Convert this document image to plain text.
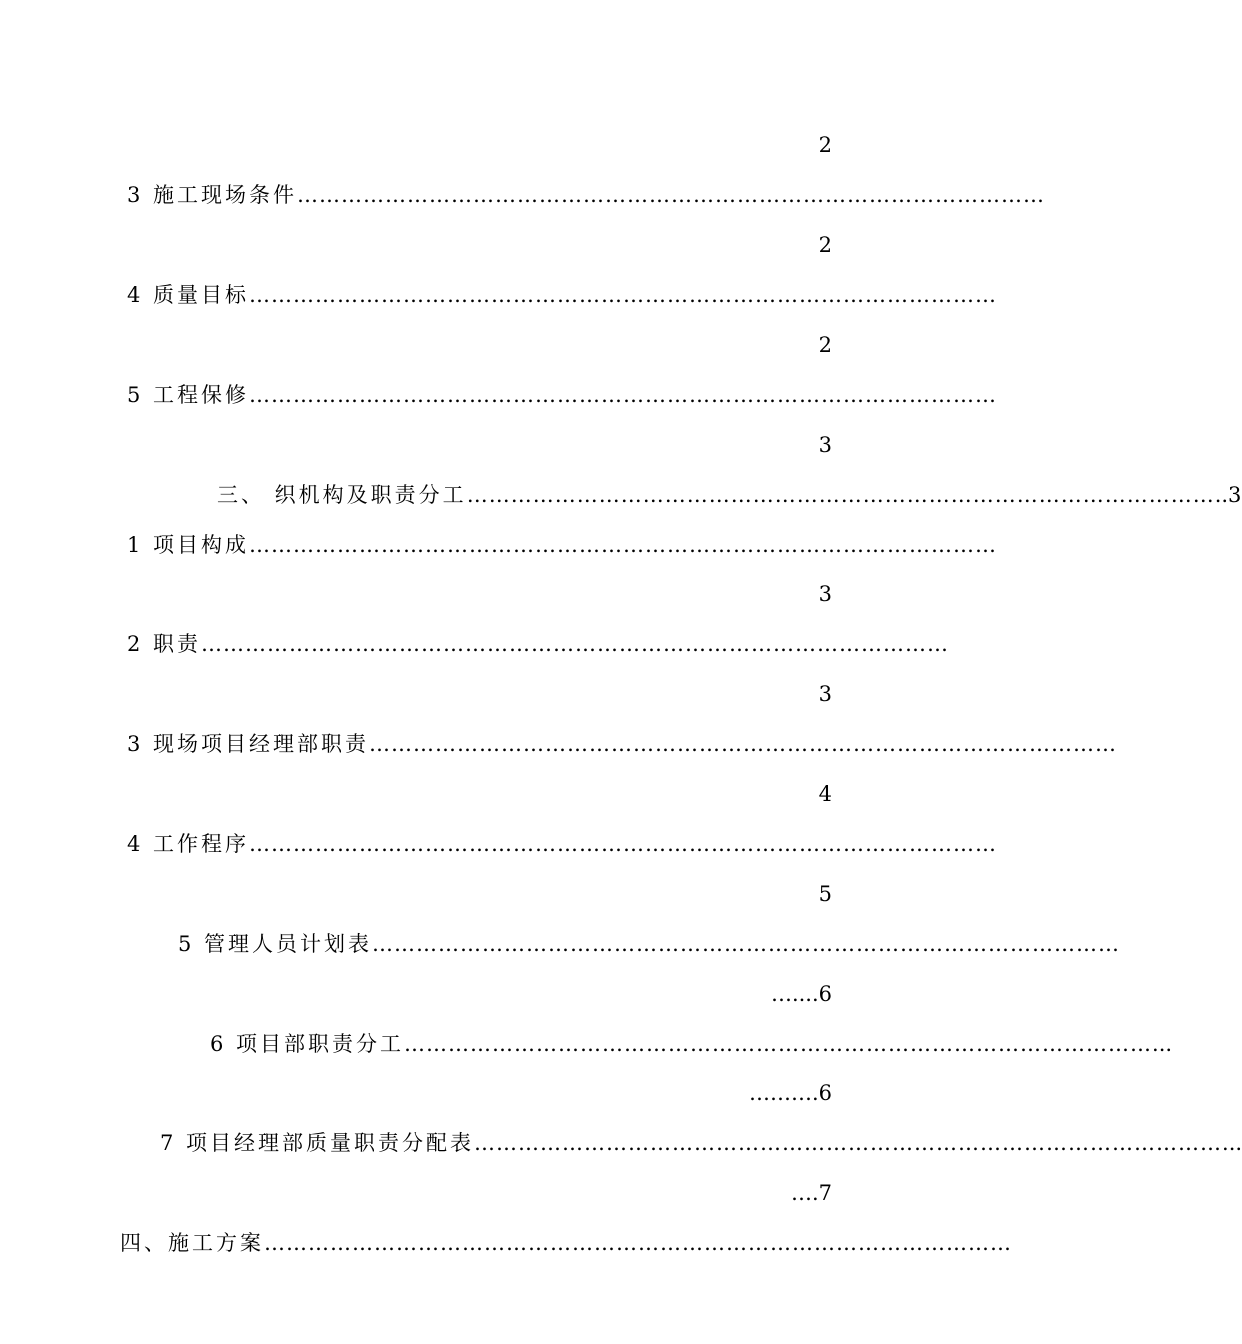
2
3 施工现场条件 …………………………………………………………………………………………
2
4 质量目标 …………………………………………………………………………………………
2
5 工程保修 …………………………………………………………………………………………
3
三、 织机构及职责分工 ………………………………………………………………………………………… ..3
1 项目构成 …………………………………………………………………………………………
3
2 职责 …………………………………………………………………………………………
3
3 现场项目经理部职责 …………………………………………………………………………………………
4
4 工作程序 …………………………………………………………………………………………
5
5 管理人员计划表 …………………………………………………………………………………………
…....6
6 项目部职责分工 ………………………………………………………………………………………… ...
……….6
7 项目经理部质量职责分配表 ………………………………………………………………………………………… ...
….7
四、施工方案 …………………………………………………………………………………………
